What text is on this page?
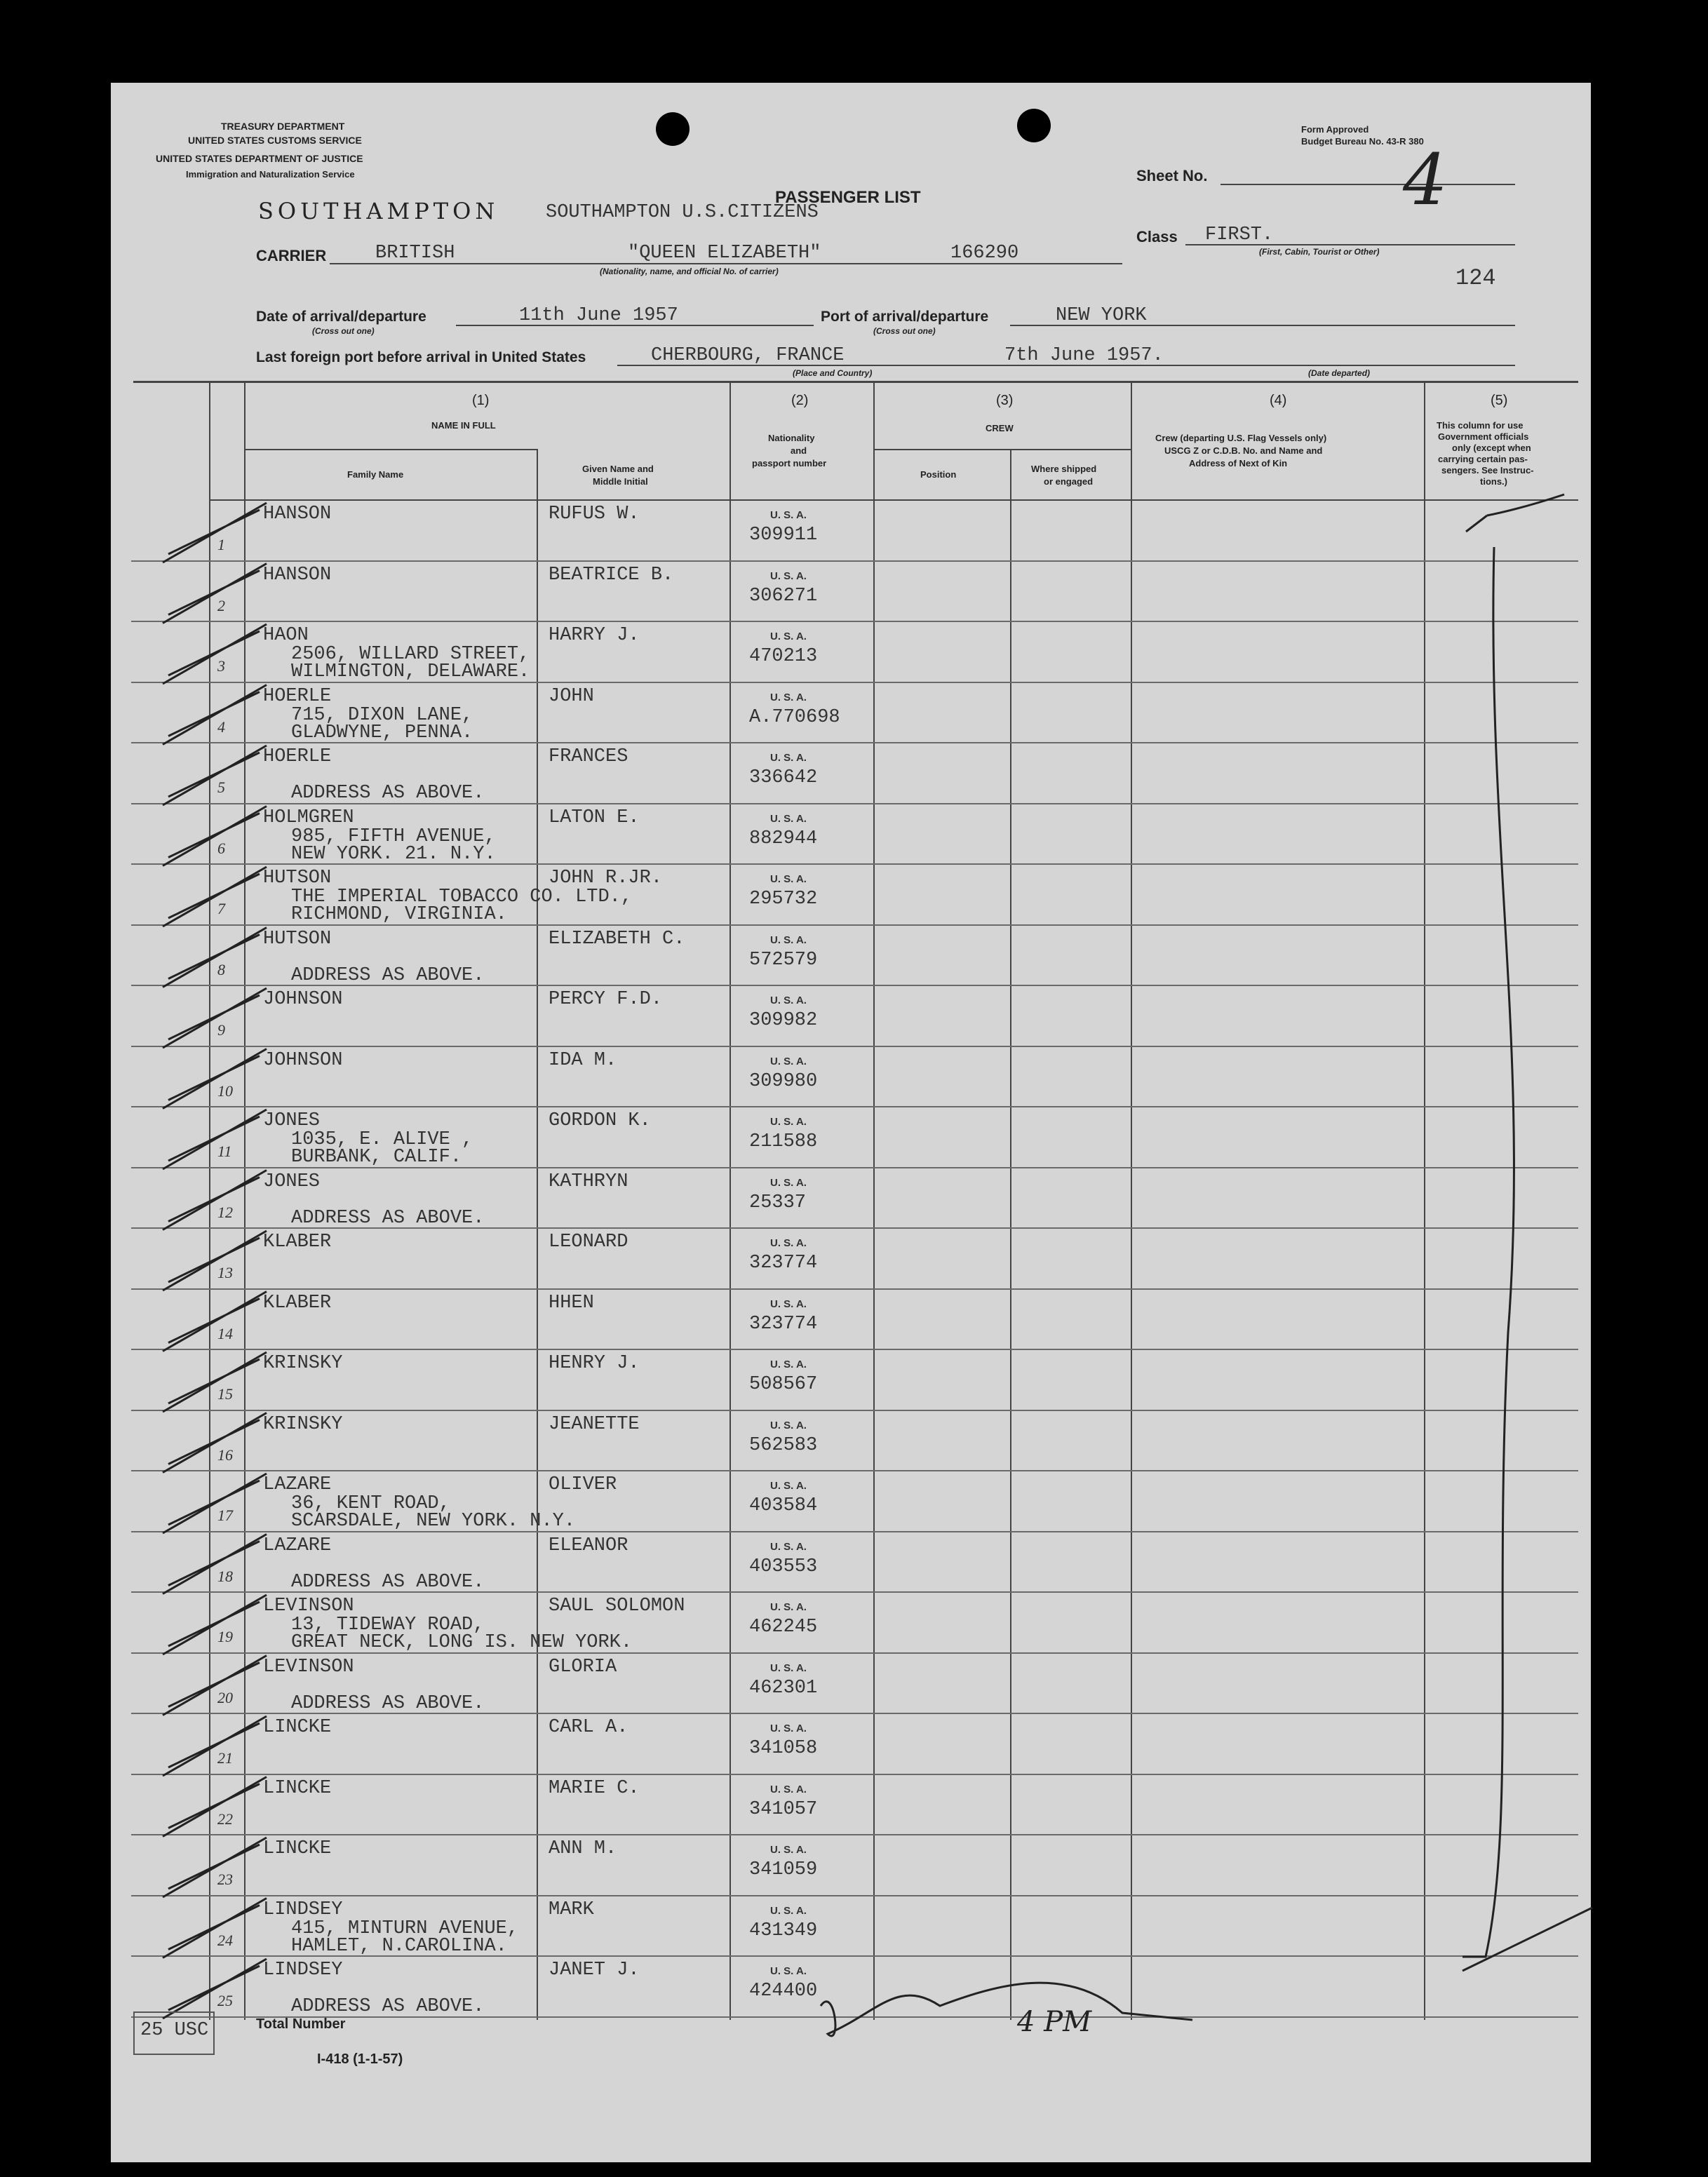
TREASURY DEPARTMENT
UNITED STATES CUSTOMS SERVICE
UNITED STATES DEPARTMENT OF JUSTICE
Immigration and Naturalization Service
Form Approved
Budget Bureau No. 43-R 380
Sheet No.	4
PASSENGER LIST
SOUTHAMPTON SOUTHAMPTON U.S.CITIZENS
CARRIER	BRITISH	"QUEEN ELIZABETH"	166290
(Nationality, name, and official No. of carrier)
Class FIRST.
(First, Cabin, Tourist or Other)
124
Date of arrival/departure
(Cross out one)
11th June 1957	Port of arrival/departure
(Cross out one)
NEW YORK
Last foreign port before arrival in United States	CHERBOURG, FRANCE	7th June 1957.
(Place and Country)	(Date departed)
(1)
NAME IN FULL
Family Name
Given Name and
Middle Initial
(2)
Nationality
and
passport number
(3)
CREW
Position
Where shipped
or engaged
(4)
Crew (departing U.S. Flag Vessels only)
USCG Z or C.D.B. No. and Name and
Address of Next of Kin
(5)
This column for use
Government officials
only (except when
carrying certain pas-
sengers. See Instruc-
tions.)
1
HANSON	RUFUS W.	U. S. A.
309911
2
HANSON	BEATRICE B.	U. S. A.
306271
3
HAON
2506, WILLARD STREET,
WILMINGTON, DELAWARE.
HARRY J.	U. S. A.
470213
4
HOERLE
715, DIXON LANE,
GLADWYNE, PENNA.
JOHN	U. S. A.
A.770698
5
HOERLE
ADDRESS AS ABOVE.
FRANCES	U. S. A.
336642
6
HOLMGREN
985, FIFTH AVENUE,
NEW YORK. 21. N.Y.
LATON E.	U. S. A.
882944
7
HUTSON
THE IMPERIAL TOBACCO CO. LTD.,
RICHMOND, VIRGINIA.
JOHN R.JR.	U. S. A.
295732
8
HUTSON
ADDRESS AS ABOVE.
ELIZABETH C.	U. S. A.
572579
9
JOHNSON	PERCY F.D.	U. S. A.
309982
10
JOHNSON	IDA M.	U. S. A.
309980
11
JONES
1035, E. ALIVE ,
BURBANK, CALIF.
GORDON K.	U. S. A.
211588
12
JONES
ADDRESS AS ABOVE.
KATHRYN	U. S. A.
25337
13
KLABER	LEONARD	U. S. A.
323774
14
KLABER	HHEN	U. S. A.
323774
15
KRINSKY	HENRY J.	U. S. A.
508567
16
KRINSKY	JEANETTE	U. S. A.
562583
17
LAZARE
36, KENT ROAD,
SCARSDALE, NEW YORK. N.Y.
OLIVER	U. S. A.
403584
18
LAZARE
ADDRESS AS ABOVE.
ELEANOR	U. S. A.
403553
19
LEVINSON
13, TIDEWAY ROAD,
GREAT NECK, LONG IS. NEW YORK.
SAUL SOLOMON	U. S. A.
462245
20
LEVINSON
ADDRESS AS ABOVE.
GLORIA	U. S. A.
462301
21
LINCKE	CARL A.	U. S. A.
341058
22
LINCKE	MARIE C.	U. S. A.
341057
23
LINCKE	ANN M.	U. S. A.
341059
24
LINDSEY
415, MINTURN AVENUE,
HAMLET, N.CAROLINA.
MARK	U. S. A.
431349
25
LINDSEY
ADDRESS AS ABOVE.
JANET J.	U. S. A.
424400
4 PM
25 USC	Total Number
I-418 (1-1-57)
